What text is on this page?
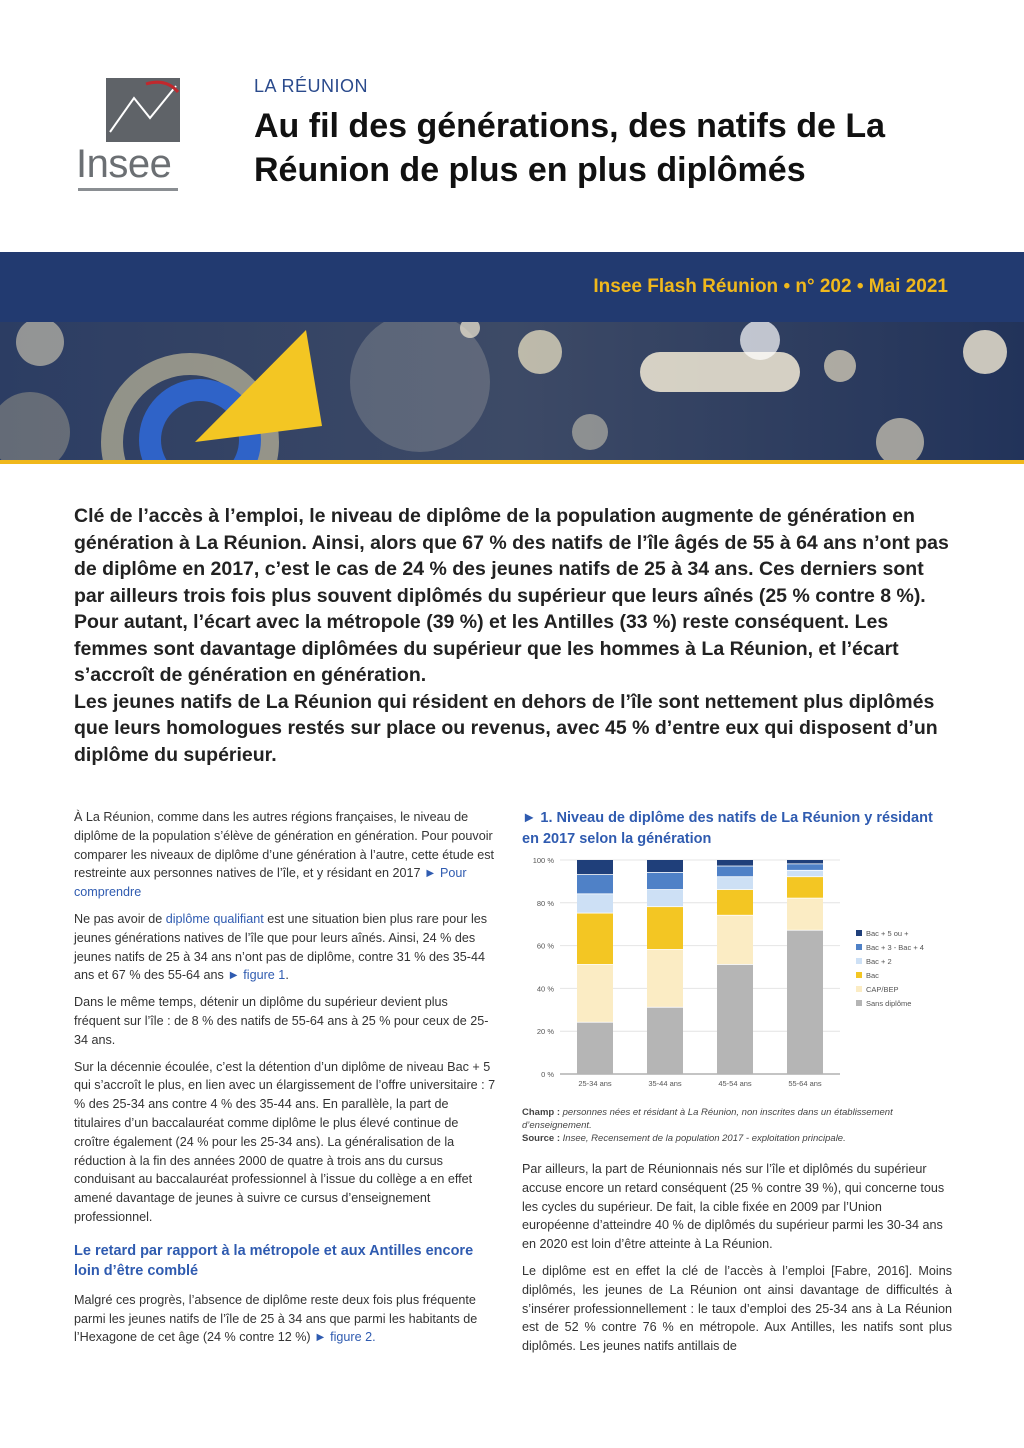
Insee
LA RÉUNION
Au fil des générations, des natifs de La Réunion de plus en plus diplômés
Insee Flash Réunion • n° 202 • Mai 2021

Clé de l’accès à l’emploi, le niveau de diplôme de la population augmente de génération en génération à La Réunion. Ainsi, alors que 67 % des natifs de l’île âgés de 55 à 64 ans n’ont pas de diplôme en 2017, c’est le cas de 24 % des jeunes natifs de 25 à 34 ans. Ces derniers sont par ailleurs trois fois plus souvent diplômés du supérieur que leurs aînés (25 % contre 8 %). Pour autant, l’écart avec la métropole (39 %) et les Antilles (33 %) reste conséquent. Les femmes sont davantage diplômées du supérieur que les hommes à La Réunion, et l’écart s’accroît de génération en génération.

Les jeunes natifs de La Réunion qui résident en dehors de l’île sont nettement plus diplômés que leurs homologues restés sur place ou revenus, avec 45 % d’entre eux qui disposent d’un diplôme du supérieur.

À La Réunion, comme dans les autres régions françaises, le niveau de diplôme de la population s’élève de génération en génération. Pour pouvoir comparer les niveaux de diplôme d’une génération à l’autre, cette étude est restreinte aux personnes natives de l’île, et y résidant en 2017 ► Pour comprendre

Ne pas avoir de diplôme qualifiant est une situation bien plus rare pour les jeunes générations natives de l’île que pour leurs aînés. Ainsi, 24 % des jeunes natifs de 25 à 34 ans n’ont pas de diplôme, contre 31 % des 35-44 ans et 67 % des 55-64 ans ► figure 1.

Dans le même temps, détenir un diplôme du supérieur devient plus fréquent sur l’île : de 8 % des natifs de 55-64 ans à 25 % pour ceux de 25-34 ans.

Sur la décennie écoulée, c’est la détention d’un diplôme de niveau Bac + 5 qui s’accroît le plus, en lien avec un élargissement de l’offre universitaire : 7 % des 25-34 ans contre 4 % des 35-44 ans. En parallèle, la part de titulaires d’un baccalauréat comme diplôme le plus élevé continue de croître également (24 % pour les 25-34 ans). La généralisation de la réduction à la fin des années 2000 de quatre à trois ans du cursus conduisant au baccalauréat professionnel à l’issue du collège a en effet amené davantage de jeunes à suivre ce cursus d’enseignement professionnel.

Le retard par rapport à la métropole et aux Antilles encore loin d’être comblé

Malgré ces progrès, l’absence de diplôme reste deux fois plus fréquente parmi les jeunes natifs de l’île de 25 à 34 ans que parmi les habitants de l’Hexagone de cet âge (24 % contre 12 %) ► figure 2.

► 1. Niveau de diplôme des natifs de La Réunion y résidant en 2017 selon la génération
0 %
20 %
40 %
60 %
80 %
100 %
25-34 ans	35-44 ans	45-54 ans	55-64 ans
Bac + 5 ou +
Bac + 3 - Bac + 4
Bac + 2
Bac
CAP/BEP
Sans diplôme
Champ : personnes nées et résidant à La Réunion, non inscrites dans un établissement d’enseignement.
Source : Insee, Recensement de la population 2017 - exploitation principale.

Par ailleurs, la part de Réunionnais nés sur l’île et diplômés du supérieur accuse encore un retard conséquent (25 % contre 39 %), qui concerne tous les cycles du supérieur. De fait, la cible fixée en 2009 par l’Union européenne d’atteindre 40 % de diplômés du supérieur parmi les 30-34 ans en 2020 est loin d’être atteinte à La Réunion.

Le diplôme est en effet la clé de l’accès à l’emploi [Fabre, 2016]. Moins diplômés, les jeunes de La Réunion ont ainsi davantage de difficultés à s’insérer professionnellement : le taux d’emploi des 25-34 ans à La Réunion est de 52 % contre 76 % en métropole. Aux Antilles, les natifs sont plus diplômés. Les jeunes natifs antillais de
